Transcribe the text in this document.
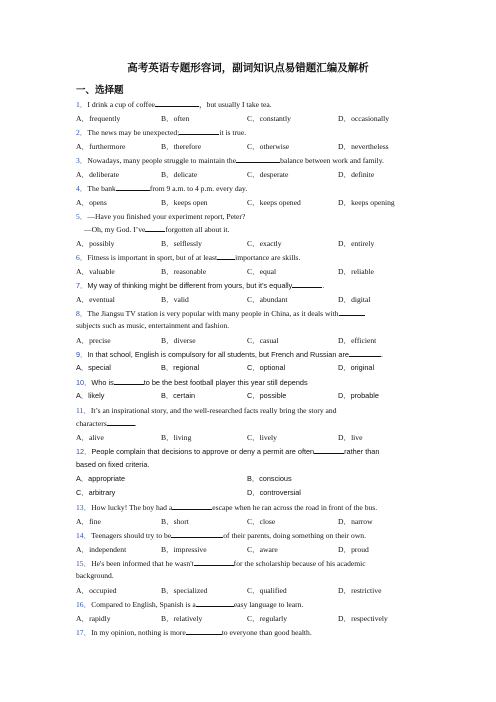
高考英语专题形容词，副词知识点易错题汇编及解析
一、选择题
1．I drink a cup of coffee	，but usually I take tea.
A．frequently	B．often	C．constantly	D．occasionally
2．The news may be unexpected;	it is true.
A．furthermore	B．therefore	C．otherwise	D．nevertheless
3．Nowadays, many people struggle to maintain the	balance between work and family.
A．deliberate	B．delicate	C．desperate	D．definite
4．The bank	from 9 a.m. to 4 p.m. every day.
A．opens	B．keeps open	C．keeps opened	D．keeps opening
5．—Have you finished your experiment report, Peter?
—Oh, my God. I’ve	forgotten all about it.
A．possibly	B．selflessly	C．exactly	D．entirely
6．Fitness is important in sport, but of at least importance are skills.
A．valuable	B．reasonable	C．equal	D．reliable
7．My way of thinking might be different from yours, but it’s equally	.
A．eventual	B．valid	C．abundant	D．digital
8．The Jiangsu TV station is very popular with many people in China, as it deals with
subjects such as music, entertainment and fashion.
A．precise	B．diverse	C．casual	D．efficient
9．In that school, English is compulsory for all students, but French and Russian are	.
A．special	B．regional	C．optional	D．original
10．Who is	to be the best football player this year still depends
A．likely	B．certain	C．possible	D．probable
11．It’s an inspirational story, and the well-researched facts really bring the story and
characters	.
A．alive	B．living	C．lively	D．live
12．People complain that decisions to approve or deny a permit are often	rather than
based on fixed criteria.
A．appropriate	B．conscious
C．arbitrary	D．controversial
13．How lucky! The boy had a	escape when he ran across the road in front of the bus.
A．fine	B．short	C．close	D．narrow
14．Teenagers should try to be	of their parents, doing something on their own.
A．independent	B．impressive	C．aware	D．proud
15．He's been informed that he wasn't	for the scholarship because of his academic
background.
A．occupied	B．specialized	C．qualified	D．restrictive
16．Compared to English, Spanish is a	easy language to learn.
A．rapidly	B．relatively	C．regularly	D．respectively
17．In my opinion, nothing is more	to everyone than good health.
